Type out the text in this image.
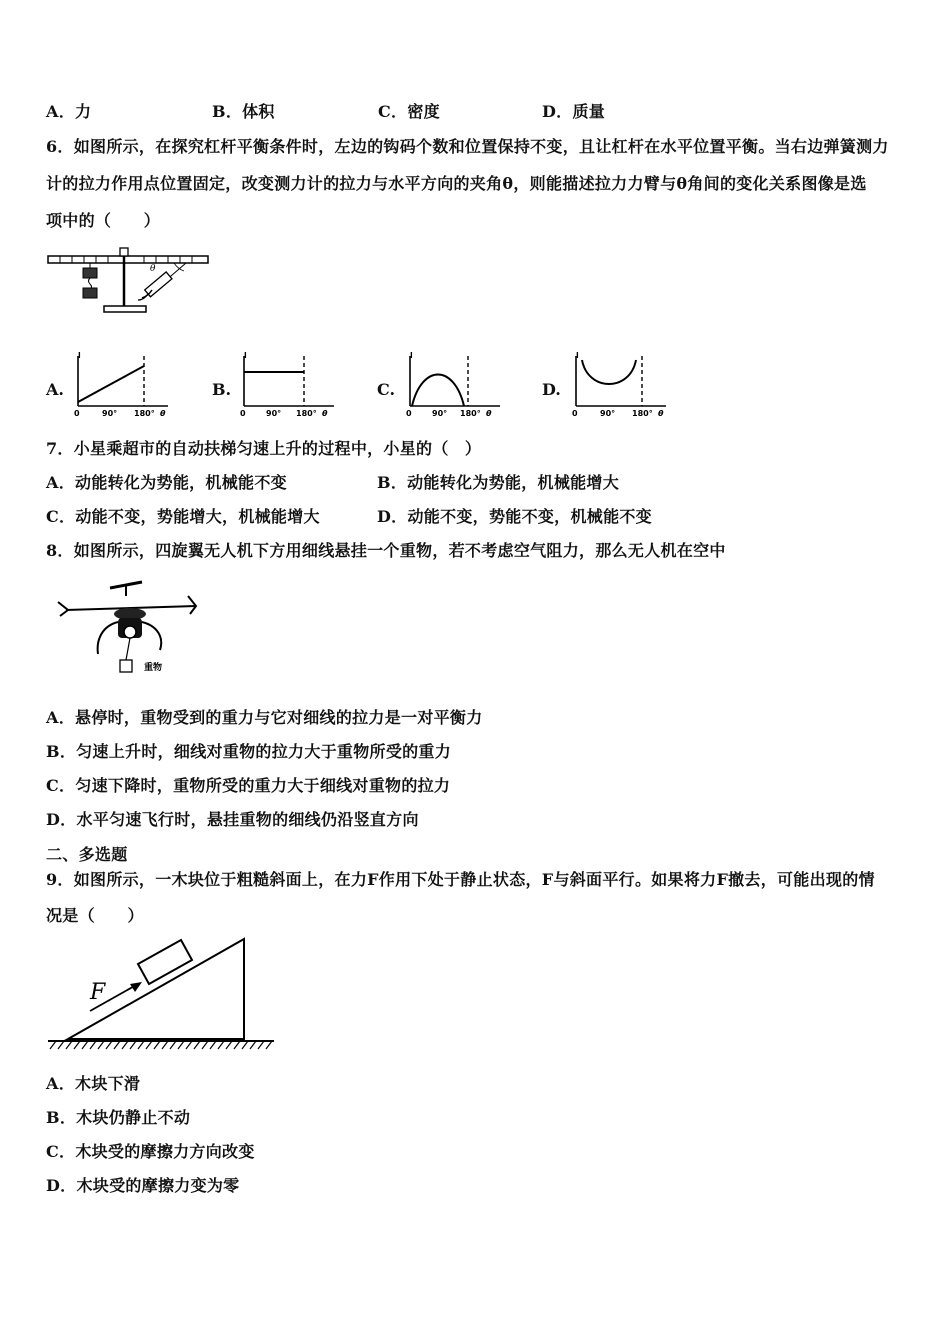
A．力	B．体积	C．密度	D．质量
6．如图所示，在探究杠杆平衡条件时，左边的钩码个数和位置保持不变，且让杠杆在水平位置平衡。当右边弹簧测力
计的拉力作用点位置固定，改变测力计的拉力与水平方向的夹角θ，则能描述拉力力臂与θ角间的变化关系图像是选
项中的（　　）
θ
A.
l
0	90° 180° θ
B.
l
0	90° 180° θ
C.
l
0	90° 180° θ
D.
l
0	90° 180° θ
7．小星乘超市的自动扶梯匀速上升的过程中，小星的（　）
A．动能转化为势能，机械能不变	B．动能转化为势能，机械能增大
C．动能不变，势能增大，机械能增大	D．动能不变，势能不变，机械能不变
8．如图所示，四旋翼无人机下方用细线悬挂一个重物，若不考虑空气阻力，那么无人机在空中
重物
A．悬停时，重物受到的重力与它对细线的拉力是一对平衡力
B．匀速上升时，细线对重物的拉力大于重物所受的重力
C．匀速下降时，重物所受的重力大于细线对重物的拉力
D．水平匀速飞行时，悬挂重物的细线仍沿竖直方向
二、多选题
9．如图所示，一木块位于粗糙斜面上，在力F作用下处于静止状态，F与斜面平行。如果将力F撤去，可能出现的情
况是（　　）
F
A．木块下滑
B．木块仍静止不动
C．木块受的摩擦力方向改变
D．木块受的摩擦力变为零
